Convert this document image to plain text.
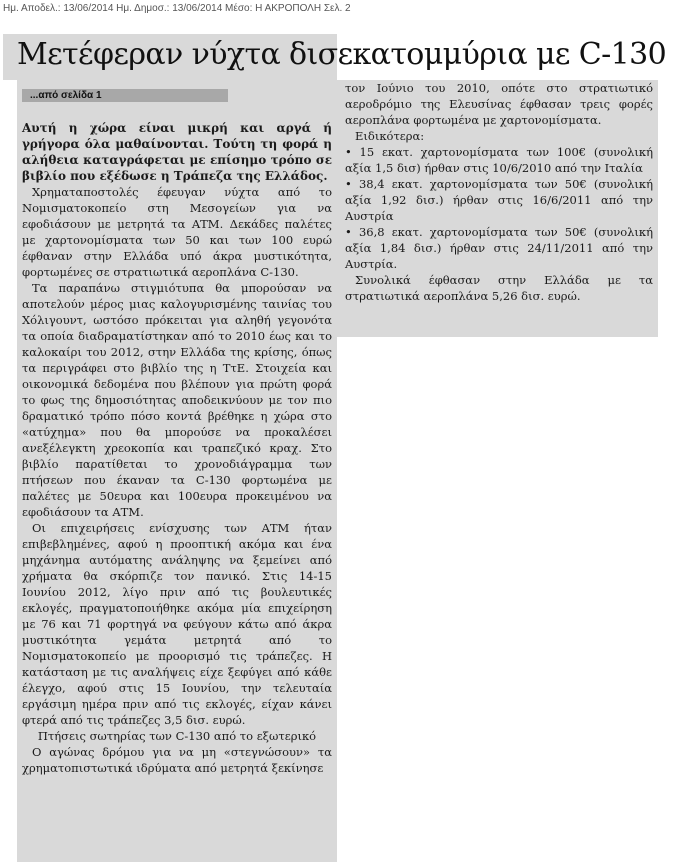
Ημ. Αποδελ.: 13/06/2014 Ημ. Δημοσ.: 13/06/2014 Μέσο: Η ΑΚΡΟΠΟΛΗ Σελ. 2
Μετέφεραν νύχτα δισεκατομμύρια με C-130
...από σελίδα 1

Αυτή η χώρα είναι μικρή και αργά ή γρήγορα όλα μαθαίνονται. Τούτη τη φορά η αλήθεια καταγράφεται με επίσημο τρόπο σε βιβλίο που εξέδωσε η Τράπεζα της Ελλάδος.

Χρηματαποστολές έφευγαν νύχτα από το Νομισματοκοπείο στη Μεσογείων για να εφοδιάσουν με μετρητά τα ΑΤΜ. Δεκάδες παλέτες με χαρτονομίσματα των 50 και των 100 ευρώ έφθαναν στην Ελλάδα υπό άκρα μυστικότητα, φορτωμένες σε στρατιωτικά αεροπλάνα C-130.

Τα παραπάνω στιγμιότυπα θα μπορούσαν να αποτελούν μέρος μιας καλογυρισμένης ταινίας του Χόλιγουντ, ωστόσο πρόκειται για αληθή γεγονότα τα οποία διαδραματίστηκαν από το 2010 έως και το καλοκαίρι του 2012, στην Ελλάδα της κρίσης, όπως τα περιγράφει στο βιβλίο της η ΤτΕ. Στοιχεία και οικονομικά δεδομένα που βλέπουν για πρώτη φορά το φως της δημοσιότητας αποδεικνύουν με τον πιο δραματικό τρόπο πόσο κοντά βρέθηκε η χώρα στο «ατύχημα» που θα μπορούσε να προκαλέσει ανεξέλεγκτη χρεοκοπία και τραπεζικό κραχ. Στο βιβλίο παρατίθεται το χρονοδιάγραμμα των πτήσεων που έκαναν τα C-130 φορτωμένα με παλέτες με 50ευρα και 100ευρα προκειμένου να εφοδιάσουν τα ΑΤΜ.

Οι επιχειρήσεις ενίσχυσης των ΑΤΜ ήταν επιβεβλημένες, αφού η προοπτική ακόμα και ένα μηχάνημα αυτόματης ανάληψης να ξεμείνει από χρήματα θα σκόρπιζε τον πανικό. Στις 14-15 Ιουνίου 2012, λίγο πριν από τις βουλευτικές εκλογές, πραγματοποιήθηκε ακόμα μία επιχείρηση με 76 και 71 φορτηγά να φεύγουν κάτω από άκρα μυστικότητα γεμάτα μετρητά από το Νομισματοκοπείο με προορισμό τις τράπεζες. Η κατάσταση με τις αναλήψεις είχε ξεφύγει από κάθε έλεγχο, αφού στις 15 Ιουνίου, την τελευταία εργάσιμη ημέρα πριν από τις εκλογές, είχαν κάνει φτερά από τις τράπεζες 3,5 δισ. ευρώ.

Πτήσεις σωτηρίας των C-130 από το εξωτερικό

Ο αγώνας δρόμου για να μη «στεγνώσουν» τα χρηματοπιστωτικά ιδρύματα από μετρητά ξεκίνησε

τον Ιούνιο του 2010, οπότε στο στρατιωτικό αεροδρόμιο της Ελευσίνας έφθασαν τρεις φορές αεροπλάνα φορτωμένα με χαρτονομίσματα.

Ειδικότερα:

• 15 εκατ. χαρτονομίσματα των 100€ (συνολική αξία 1,5 δισ) ήρθαν στις 10/6/2010 από την Ιταλία
• 38,4 εκατ. χαρτονομίσματα των 50€ (συνολική αξία 1,92 δισ.) ήρθαν στις 16/6/2011 από την Αυστρία
• 36,8 εκατ. χαρτονομίσματα των 50€ (συνολική αξία 1,84 δισ.) ήρθαν στις 24/11/2011 από την Αυστρία.

Συνολικά έφθασαν στην Ελλάδα με τα στρατιωτικά αεροπλάνα 5,26 δισ. ευρώ.
